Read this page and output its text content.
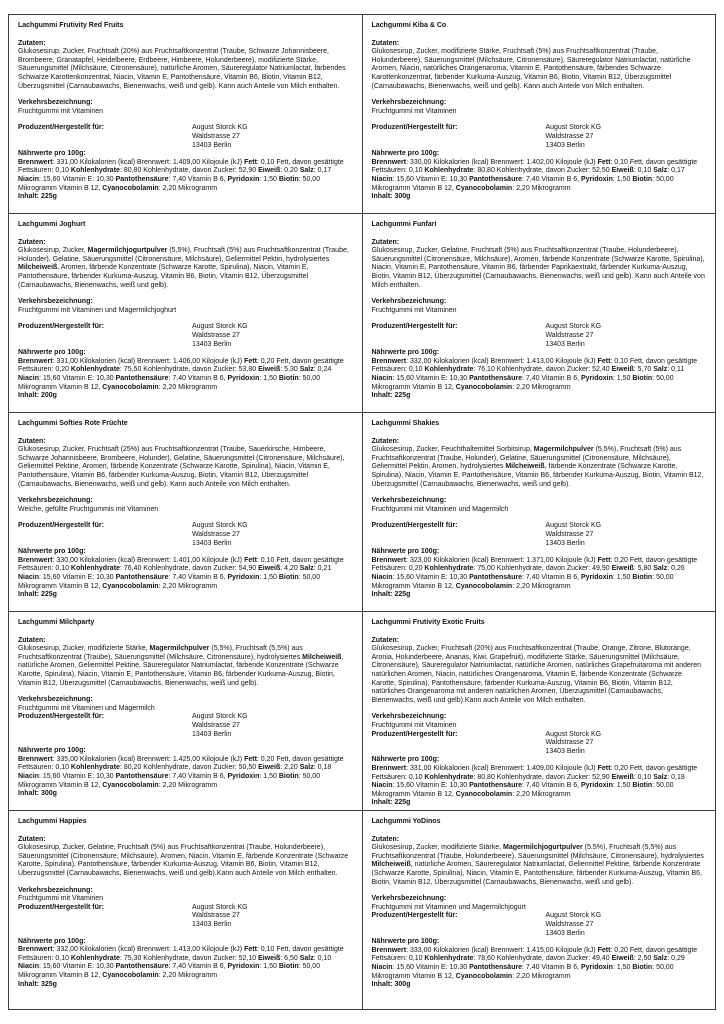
Lachgummi Frutivity Red Fruits
Zutaten:

Glukosesirup, Zucker, Fruchtsaft (20%) aus Fruchtsaftkonzentrat (Traube, Schwarze Johannisbeere, Brombeere, Granatapfel, Heidelbeere, Erdbeere, Himbeere, Holunderbeere), modifizierte Stärke, Säuerungsmittel (Milchsäure, Citronensäure), natürliche Aromen, Säureregulator Natriumlactat, färbendes Schwarze Karottenkonzentrat, Niacin, Vitamin E, Pantothensäure, Vitamin B6, Biotin, Vitamin B12, Überzugsmittel (Carnaubawachs, Bienenwachs, weiß und gelb). Kann auch Anteile von Milch enthalten.

Verkehrsbezeichnung:

Fruchtgummi mit Vitaminen

Produzent/Hergestellt für:	August Storck KG
Waldstrasse 27
13403 Berlin
Nährwerte pro 100g:

Brennwert: 331,00 Kilokalorien (kcal) Brennwert: 1.409,00 Kilojoule (kJ) Fett: 0,10 Fett, davon gesättigte Fettsäuren: 0,10 Kohlenhydrate: 80,80 Kohlenhydrate, davon Zucker: 52,90 Eiweiß: 0,20 Salz: 0,17 Niacin: 15,60 Vitamin E: 10,30 Pantothensäure: 7,40 Vitamin B 6, Pyridoxin: 1,50 Biotin: 50,00 Mikrogramm Vitamin B 12, Cyanocobolamin: 2,20 Mikrogramm

Inhalt: 225g
Lachgummi Kiba & Co
Zutaten:

Glukosesirup, Zucker, modifizierte Stärke, Fruchtsaft (5%) aus Fruchtsaftkonzentrat (Traube, Holunderbeere), Säuerungsmittel (Milchsäure, Citronensäure), Säureregulator Natriumlactat, natürliche Aromen, Niacin, natürliches Orangenaroma, Vitamin E, Pantothensäure, färbendes Schwarze Karottenkonzentrat, färbender Kurkuma-Auszug, Vitamin B6, Biotin, Vitamin B12, Überzugsmittel (Carnaubawachs, Bienenwachs, weiß und gelb). Kann auch Anteile von Milch enthalten.

Verkehrsbezeichnung:

Fruchtgummi mit Vitaminen

Produzent/Hergestellt für:	August Storck KG
Waldstrasse 27
13403 Berlin
Nährwerte pro 100g:

Brennwert: 330,00 Kilokalorien (kcal) Brennwert: 1.402,00 Kilojoule (kJ) Fett: 0,10 Fett, davon gesättigte Fettsäuren: 0,10 Kohlenhydrate: 80,80 Kohlenhydrate, davon Zucker: 52,50 Eiweiß: 0,10 Salz: 0,17 Niacin: 15,60 Vitamin E: 10,30 Pantothensäure: 7,40 Vitamin B 6, Pyridoxin: 1,50 Biotin: 50,00 Mikrogramm Vitamin B 12, Cyanocobolamin: 2,20 Mikrogramm

Inhalt: 300g
Lachgummi Joghurt
Zutaten:

Glukosesirup, Zucker, Magermilchjogurtpulver (5,5%), Fruchtsaft (5%) aus Fruchtsaftkonzentrat (Traube, Holunder), Gelatine, Säuerungsmittel (Citronensäure, Milchsäure), Geliermittel Pektin, hydrolysiertes Milcheiweiß, Aromen, färbende Konzentrate (Schwarze Karotte, Spirulina), Niacin, Vitamin E, Pantothensäure, färbender Kurkuma-Auszug, Vitamin B6, Biotin, Vitamin B12, Überzugsmittel (Carnaubawachs, Bienenwachs, weiß und gelb).

Verkehrsbezeichnung:

Fruchtgummi mit Vitaminen und Magermilchjoghurt

Produzent/Hergestellt für:	August Storck KG
Waldstrasse 27
13403 Berlin
Nährwerte pro 100g:

Brennwert: 331,00 Kilokalorien (kcal) Brennwert: 1.406,00 Kilojoule (kJ) Fett: 0,20 Fett, davon gesättigte Fettsäuren: 0,20 Kohlenhydrate: 75,50 Kohlenhydrate, davon Zucker: 53,80 Eiweiß: 5,30 Salz: 0,24 Niacin: 15,60 Vitamin E: 10,30 Pantothensäure: 7,40 Vitamin B 6, Pyridoxin: 1,50 Biotin: 50,00 Mikrogramm Vitamin B 12, Cyanocobolamin: 2,20 Mikrogramm

Inhalt: 200g
Lachgummi Funfari
Zutaten:

Glukosesirup, Zucker, Gelatine, Fruchtsaft (5%) aus Fruchtsaftkonzentrat (Traube, Holunderbeere), Säuerungsmittel (Citronensäure, Milchsäure), Aromen, färbende Konzentrate (Schwarze Karotte, Spirulina), Niacin, Vitamin E, Pantothensäure, Vitamin B6, färbender Paprikaextrakt, färbender Kurkuma-Auszug, Biotin, Vitamin B12, Überzugsmittel (Carnaubawachs, Bienenwachs, weiß und gelb). Kann auch Anteile von Milch enthalten.

Verkehrsbezeichnung:

Fruchtgummi mit Vitaminen

Produzent/Hergestellt für:	August Storck KG
Waldstrasse 27
13403 Berlin
Nährwerte pro 100g:

Brennwert: 332,00 Kilokalorien (kcal) Brennwert: 1.413,00 Kilojoule (kJ) Fett: 0,10 Fett, davon gesättigte Fettsäuren: 0,10 Kohlenhydrate: 76,10 Kohlenhydrate, davon Zucker: 52,40 Eiweiß: 5,70 Salz: 0,11 Niacin: 15,60 Vitamin E: 10,30 Pantothensäure: 7,40 Vitamin B 6, Pyridoxin: 1,50 Biotin: 50,00 Mikrogramm Vitamin B 12, Cyanocobolamin: 2,20 Mikrogramm

Inhalt: 225g
Lachgummi Softies Rote Früchte
Zutaten:

Glukosesirup, Zucker, Fruchtsaft (25%) aus Fruchtsaftkonzentrat (Traube, Sauerkirsche, Himbeere, Schwarze Johannisbeere, Brombeere, Holunder), Gelatine, Säuerungsmittel (Citronensäure, Milchsäure), Geliermittel Pektine, Aromen, färbende Konzentrate (Schwarze Karotte, Spirulina), Niacin, Vitamin E, Pantothensäure, Vitamin B6, färbender Kurkuma-Auszug, Biotin, Vitamin B12, Überzugsmittel (Carnaubawachs, Bienenwachs, weiß und gelb). Kann auch Anteile von Milch enthalten.

Verkehrsbezeichnung:

Weiche, gefüllte Fruchtgummis mit Vitaminen

Produzent/Hergestellt für:	August Storck KG
Waldstrasse 27
13403 Berlin
Nährwerte pro 100g:

Brennwert: 330,00 Kilokalorien (kcal) Brennwert: 1.401,00 Kilojoule (kJ) Fett: 0,10 Fett, davon gesättigte Fettsäuren: 0,10 Kohlenhydrate: 76,40 Kohlenhydrate, davon Zucker: 54,90 Eiweiß: 4,20 Salz: 0,21 Niacin: 15,60 Vitamin E: 10,30 Pantothensäure: 7,40 Vitamin B 6, Pyridoxin: 1,50 Biotin: 50,00 Mikrogramm Vitamin B 12, Cyanocobolamin: 2,20 Mikrogramm

Inhalt: 225g
Lachgummi Shakies
Zutaten:

Glukosesirup, Zucker, Feuchthaltemittel Sorbitsirup, Magermilchpulver (5,5%), Fruchtsaft (5%) aus Fruchtsaftkonzentrat (Traube, Holunder), Gelatine, Säuerungsmittel (Citronensäure, Milchsäure), Geliermittel Pektin, Aromen, hydrolysiertes Milcheiweiß, färbende Konzentrate (Schwarze Karotte, Spirulina), Niacin, Vitamin E, Pantothensäure, Vitamin B6, färbender Kurkuma-Auszug, Biotin, Vitamin B12, Überzugsmittel (Carnaubawachs, Bienenwachs, weiß und gelb).

Verkehrsbezeichnung:

Fruchtgummi mit Vitaminen und Magermilch

Produzent/Hergestellt für:	August Storck KG
Waldstrasse 27
13403 Berlin
Nährwerte pro 100g:

Brennwert: 323,00 Kilokalorien (kcal) Brennwert: 1.371,00 Kilojoule (kJ) Fett: 0,20 Fett, davon gesättigte Fettsäuren: 0,20 Kohlenhydrate: 75,00 Kohlenhydrate, davon Zucker: 49,90 Eiweiß: 5,80 Salz: 0,26 Niacin: 15,60 Vitamin E: 10,30 Pantothensäure: 7,40 Vitamin B 6, Pyridoxin: 1,50 Biotin: 50,00 Mikrogramm Vitamin B 12, Cyanocobolamin: 2,20 Mikrogramm

Inhalt: 225g
Lachgummi Milchparty
Zutaten:

Glukosesirup, Zucker, modifizierte Stärke, Magermilchpulver (5,5%), Fruchtsaft (5,5%) aus Fruchtsaftkonzentrat (Traube), Säuerungsmittel (Milchsäure, Citronensäure), hydrolysiertes Milcheiweiß, natürliche Aromen, Geliermittel Pektine, Säureregulator Natriumlactat, färbende Konzentrate (Schwarze Karotte, Spirulina), Niacin, Vitamin E, Pantothensäure, Vitamin B6, färbender Kurkuma-Auszug, Biotin, Vitamin B12, Überzugsmittel (Carnaubawachs, Bienenwachs, weiß und gelb).

Verkehrsbezeichnung:

Fruchtgummi mit Vitaminen und Magermilch

Produzent/Hergestellt für:	August Storck KG
Waldstrasse 27
13403 Berlin
Nährwerte pro 100g:

Brennwert: 335,00 Kilokalorien (kcal) Brennwert: 1.425,00 Kilojoule (kJ) Fett: 0,20 Fett, davon gesättigte Fettsäuren: 0,10 Kohlenhydrate: 80,20 Kohlenhydrate, davon Zucker: 50,50 Eiweiß: 2,20 Salz: 0,18 Niacin: 15,60 Vitamin E: 10,30 Pantothensäure: 7,40 Vitamin B 6, Pyridoxin: 1,50 Biotin: 50,00 Mikrogramm Vitamin B 12, Cyanocobolamin: 2,20 Mikrogramm

Inhalt: 300g
Lachgummi Frutivity Exotic Fruits
Zutaten:

Glukosesirup, Zucker, Fruchtsaft (20%) aus Fruchtsaftkonzentrat (Traube, Orange, Zitrone, Blutorange, Aronia, Holunderbeere, Ananas, Kiwi, Grapefruit), modifizierte Stärke, Säuerungsmittel (Milchsäure, Citronensäure), Säureregulator Natriumlactat, natürliche Aromen, natürliches Grapefruitaroma mit anderen natürlichen Aromen, Niacin, natürliches Orangenaroma, Vitamin E, färbende Konzentrate (Schwarze Karotte, Spirulina), Pantothensäure, färbender Kurkuma-Auszug, Vitamin B6, Biotin, Vitamin B12, natürliches Orangenaroma mit anderen natürlichen Aromen, Überzugsmittel (Carnaubawachs, Bienenwachs, weiß und gelb).Kann auch Anteile von Milch enthalten.

Verkehrsbezeichnung:

Fruchtgummi mit Vitaminen

Produzent/Hergestellt für:	August Storck KG
Waldstrasse 27
13403 Berlin
Nährwerte pro 100g:

Brennwert: 331,00 Kilokalorien (kcal) Brennwert: 1.409,00 Kilojoule (kJ) Fett: 0,20 Fett, davon gesättigte Fettsäuren: 0,10 Kohlenhydrate: 80,80 Kohlenhydrate, davon Zucker: 52,90 Eiweiß: 0,10 Salz: 0,18 Niacin: 15,60 Vitamin E: 10,30 Pantothensäure: 7,40 Vitamin B 6, Pyridoxin: 1,50 Biotin: 50,00 Mikrogramm Vitamin B 12, Cyanocobolamin: 2,20 Mikrogramm

Inhalt: 225g
Lachgummi Happies
Zutaten:

Glukosesirup, Zucker, Gelatine, Fruchtsaft (5%) aus Fruchtsaftkonzentrat (Traube, Holunderbeere), Säuerungsmittel (Citronensäure, Milchsäure), Aromen, Niacin, Vitamin E, färbende Konzentrate (Schwarze Karotte, Spirulina), Pantothensäure, färbender Kurkuma-Auszug, Vitamin B6, Biotin, Vitamin B12, Überzugsmittel (Carnaubawachs, Bienenwachs, weiß und gelb).Kann auch Anteile von Milch enthalten.

Verkehrsbezeichnung:

Fruchtgummi mit Vitaminen

Produzent/Hergestellt für:	August Storck KG
Waldstrasse 27
13403 Berlin
Nährwerte pro 100g:

Brennwert: 332,00 Kilokalorien (kcal) Brennwert: 1.413,00 Kilojoule (kJ) Fett: 0,10 Fett, davon gesättigte Fettsäuren: 0,10 Kohlenhydrate: 75,30 Kohlenhydrate, davon Zucker: 52,10 Eiweiß: 6,50 Salz: 0,10 Niacin: 15,60 Vitamin E: 10,30 Pantothensäure: 7,40 Vitamin B 6, Pyridoxin: 1,50 Biotin: 50,00 Mikrogramm Vitamin B 12, Cyanocobolamin: 2,20 Mikrogramm

Inhalt: 325g
Lachgummi YoDinos
Zutaten:

Glukosesirup, Zucker, modifizierte Stärke, Magermilchjogurtpulver (5,5%), Fruchtsaft (5,5%) aus Fruchtsaftkonzentrat (Traube, Holunderbeere), Säuerungsmittel (Milchsäure, Citronensäure), hydrolysiertes Milcheiweiß, natürliche Aromen, Säureregulator Natriumlactat, Geliermittel Pektine, färbende Konzentrate (Schwarze Karotte, Spirulina), Niacin, Vitamin E, Pantothensäure, färbender Kurkuma-Auszug, Vitamin B6, Biotin, Vitamin B12, Überzugsmittel (Carnaubawachs, Bienenwachs, weiß und gelb).

Verkehrsbezeichnung:

Fruchtgummi mit Vitaminen und Magermilchjogurt

Produzent/Hergestellt für:	August Storck KG
Waldstrasse 27
13403 Berlin
Nährwerte pro 100g:

Brennwert: 333,00 Kilokalorien (kcal) Brennwert: 1.415,00 Kilojoule (kJ) Fett: 0,20 Fett, davon gesättigte Fettsäuren: 0,10 Kohlenhydrate: 78,60 Kohlenhydrate, davon Zucker: 49,40 Eiweiß: 2,50 Salz: 0,29 Niacin: 15,60 Vitamin E: 10,30 Pantothensäure: 7,40 Vitamin B 6, Pyridoxin: 1,50 Biotin: 50,00 Mikrogramm Vitamin B 12, Cyanocobolamin: 2,20 Mikrogramm

Inhalt: 300g
